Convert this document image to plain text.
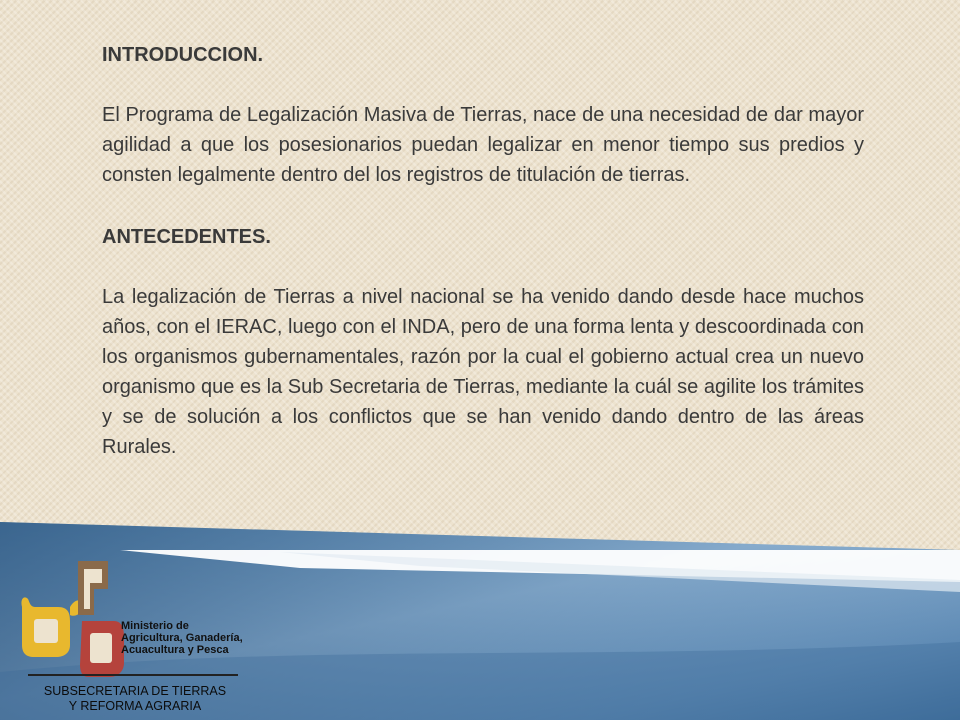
INTRODUCCION.

El Programa de Legalización Masiva de Tierras, nace de una necesidad de dar mayor agilidad a que los posesionarios puedan legalizar en menor tiempo sus predios y consten legalmente dentro del los registros de titulación de tierras.

ANTECEDENTES.

La legalización de Tierras a nivel nacional se ha venido dando desde hace muchos años, con el IERAC, luego con el INDA, pero de una forma lenta y descoordinada con los organismos gubernamentales, razón por la cual el gobierno actual crea un nuevo organismo que es la Sub Secretaria de Tierras, mediante la cuál se agilite los trámites y se de solución a los conflictos que se han venido dando dentro de las áreas Rurales.

Ministerio de
Agricultura, Ganadería,
Acuacultura y Pesca
SUBSECRETARIA DE TIERRAS
Y REFORMA AGRARIA
